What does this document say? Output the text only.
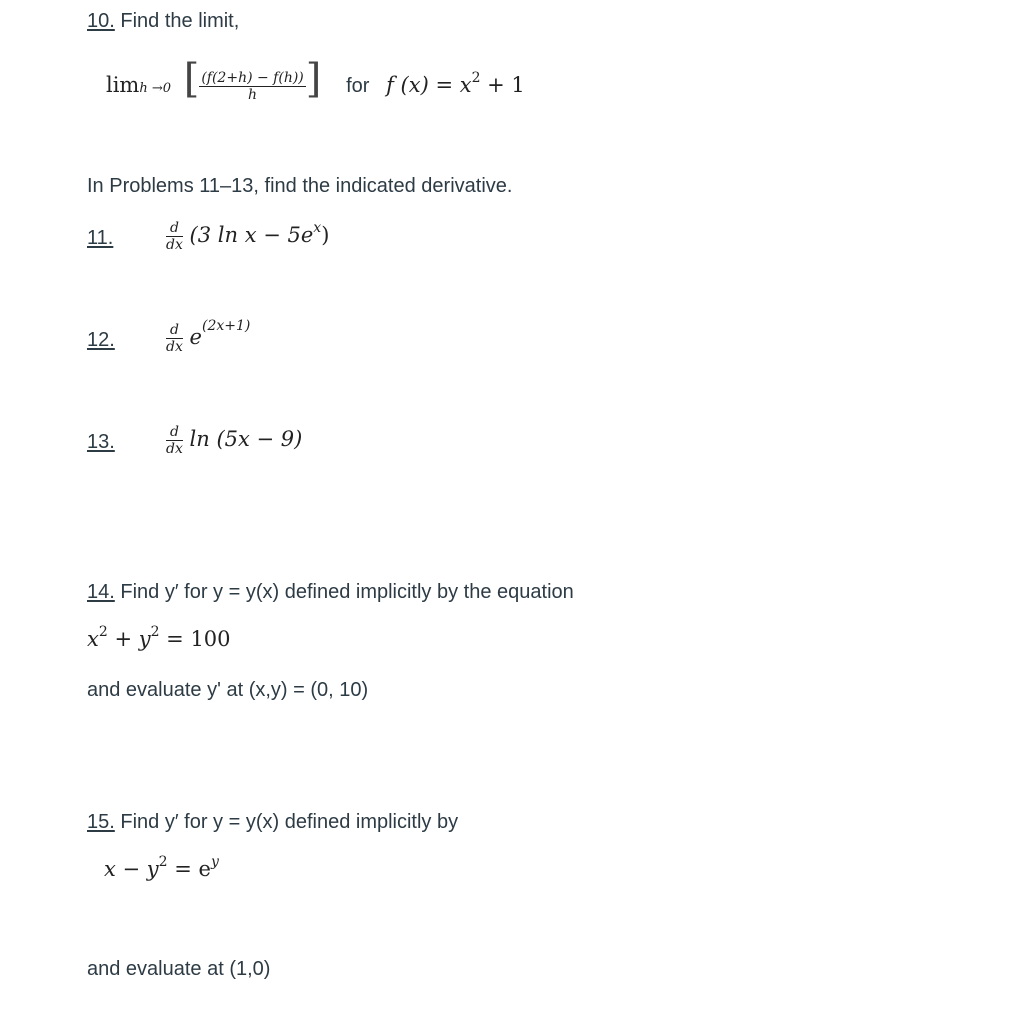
10. Find the limit,
limh →0 [ $\frac{(f(2+h) - f(h))}{h}$ ] for f $(x) = x^2 + 1$
In Problems 11–13, find the indicated derivative.
11.	$\frac{d}{dx} (3$ $\ln x - 5e^x$)
12.	$\frac{d}{dx} e^{(2x+1)}$
13.	$\frac{d}{dx}$ ln (5x − 9)
14. Find y′ for y = y(x) defined implicitly by the equation
$x^2 + y^2 = 100$
and evaluate y' at (x,y) = (0, 10)
15. Find y′ for y = y(x) defined implicitly by
$x - y^2 = e^y$
and evaluate at (1,0)
